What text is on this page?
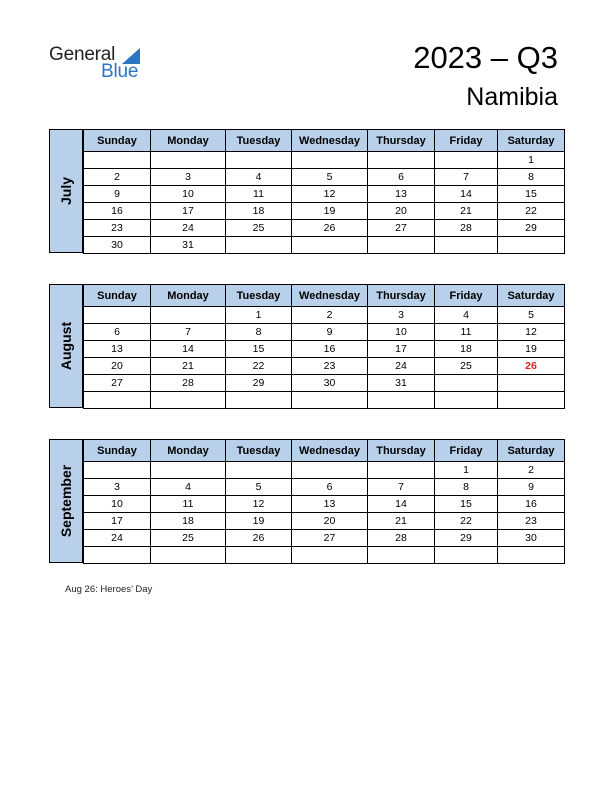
General
Blue	2023 – Q3
Namibia
July
Sunday	Monday	Tuesday	Wednesday	Thursday	Friday	Saturday
						1
2	3	4	5	6	7	8
9	10	11	12	13	14	15
16	17	18	19	20	21	22
23	24	25	26	27	28	29
30	31					
August
Sunday	Monday	Tuesday	Wednesday	Thursday	Friday	Saturday
		1	2	3	4	5
6	7	8	9	10	11	12
13	14	15	16	17	18	19
20	21	22	23	24	25	26
27	28	29	30	31		

September
Sunday	Monday	Tuesday	Wednesday	Thursday	Friday	Saturday
					1	2
3	4	5	6	7	8	9
10	11	12	13	14	15	16
17	18	19	20	21	22	23
24	25	26	27	28	29	30

Aug 26: Heroes’ Day
